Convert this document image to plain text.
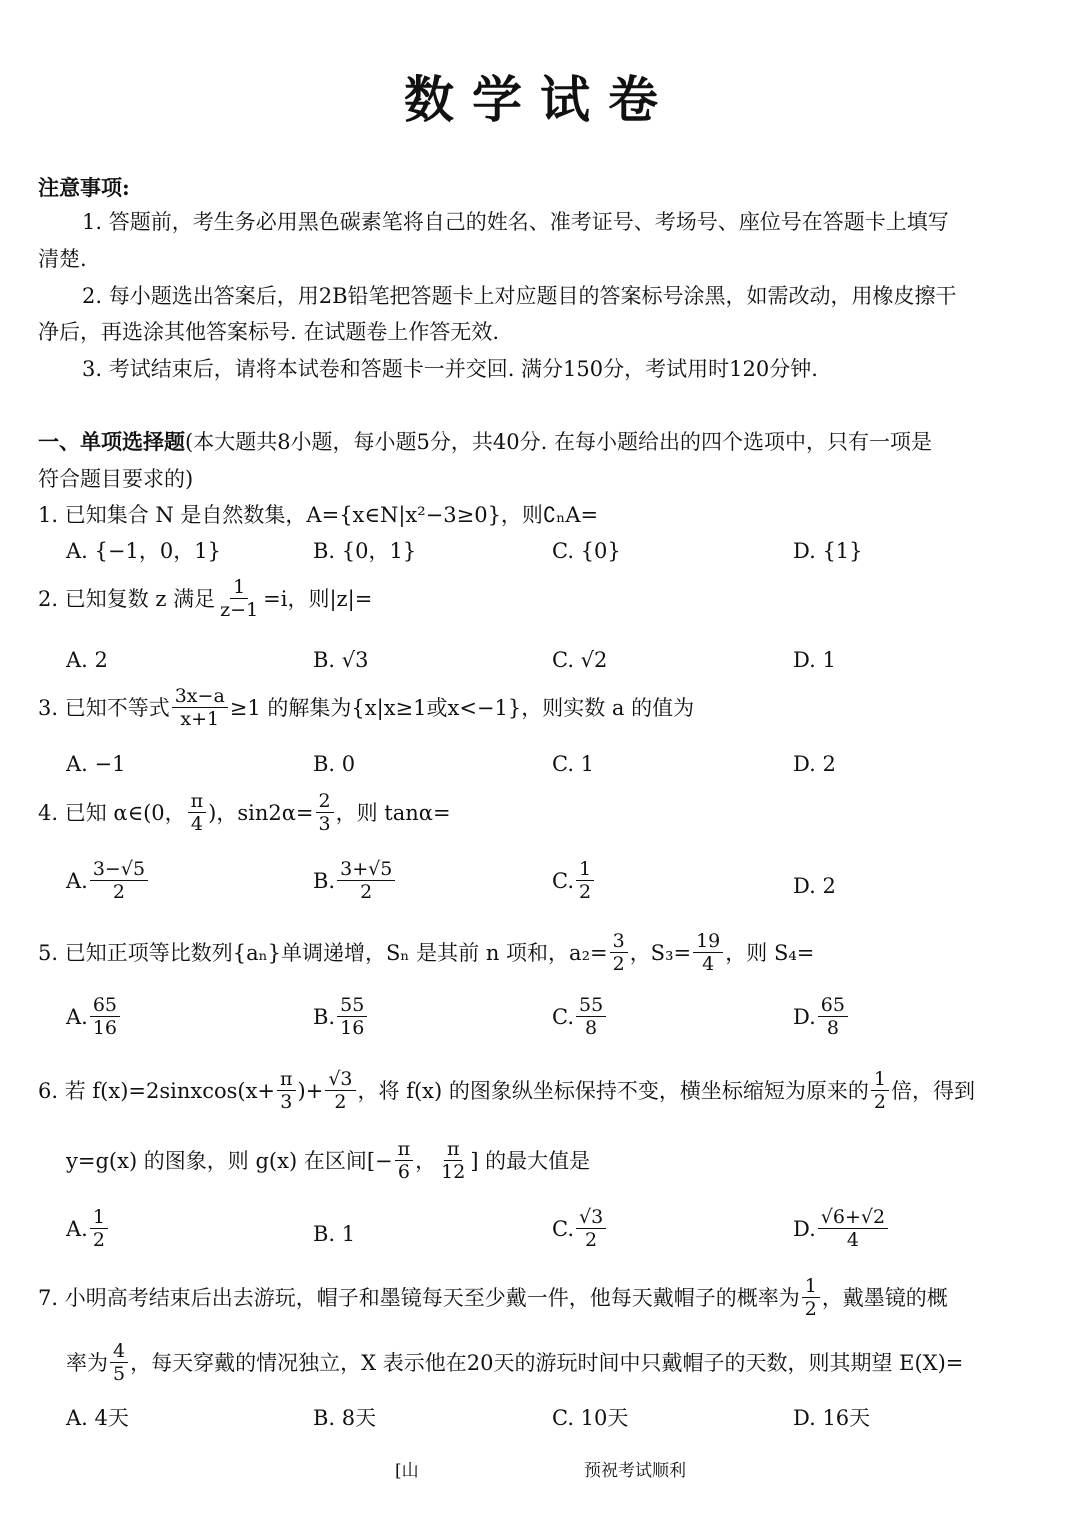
数学试卷
注意事项:
1. 答题前，考生务必用黑色碳素笔将自己的姓名、准考证号、考场号、座位号在答题卡上填写
清楚.
2. 每小题选出答案后，用2B铅笔把答题卡上对应题目的答案标号涂黑，如需改动，用橡皮擦干
净后，再选涂其他答案标号. 在试题卷上作答无效.
3. 考试结束后，请将本试卷和答题卡一并交回. 满分150分，考试用时120分钟.
一、单项选择题(本大题共8小题，每小题5分，共40分. 在每小题给出的四个选项中，只有一项是
符合题目要求的)
1. 已知集合 N 是自然数集，A={x∈N|x²−3≥0}，则∁ₙA=
A. {−1，0，1}	B. {0，1}	C. {0}	D. {1}
2. 已知复数 z 满足 $\frac{1}{z-1} =i$，则|z|=
A. 2	B. √3	C. √2	D. 1
3. 已知不等式 $\frac{3x-a}{x+1} \ge 1$ 的解集为{x|x≥1或x<−1}，则实数 a 的值为
A. −1	B. 0	C. 1	D. 2
4. 已知 α∈(0， $\frac{\pi}{4}$ )，$\sin 2\alpha= \frac{2}{3}$ ，则 tanα=
A. $\frac{3-√5}{2}$	B. $\frac{3+√5}{2}$	C. $\frac{1}{2}$	D. 2
5. 已知正项等比数列{aₙ}单调递增，Sₙ 是其前 n 项和，$a_2= \frac{3}{2}$ ，$S_3= \frac{19}{4}$ ，则 S₄=
A. $\frac{65}{16}$	B. $\frac{55}{16}$	C. $\frac{55}{8}$	D. $\frac{65}{8}$
6. 若 f(x)=2sinxcos(x+ $\frac{\pi}{3}$ )+ $\frac{√3}{2}$ ，将 f(x) 的图象纵坐标保持不变，横坐标缩短为原来的 $\frac{1}{2}$ 倍，得到
y=g(x) 的图象，则 g(x) 在区间[− $\frac{\pi}{6}$ ， $\frac{\pi}{12}$ ] 的最大值是
A. $\frac{1}{2}$	B. 1	C. $\frac{√3}{2}$	D. $\frac{√6+√2}{4}$
7. 小明高考结束后出去游玩，帽子和墨镜每天至少戴一件，他每天戴帽子的概率为 $\frac{1}{2}$ ，戴墨镜的概
率为 $\frac{4}{5}$ ，每天穿戴的情况独立，X 表示他在20天的游玩时间中只戴帽子的天数，则其期望 E(X)=
A. 4天	B. 8天	C. 10天	D. 16天
[山	预祝考试顺利
